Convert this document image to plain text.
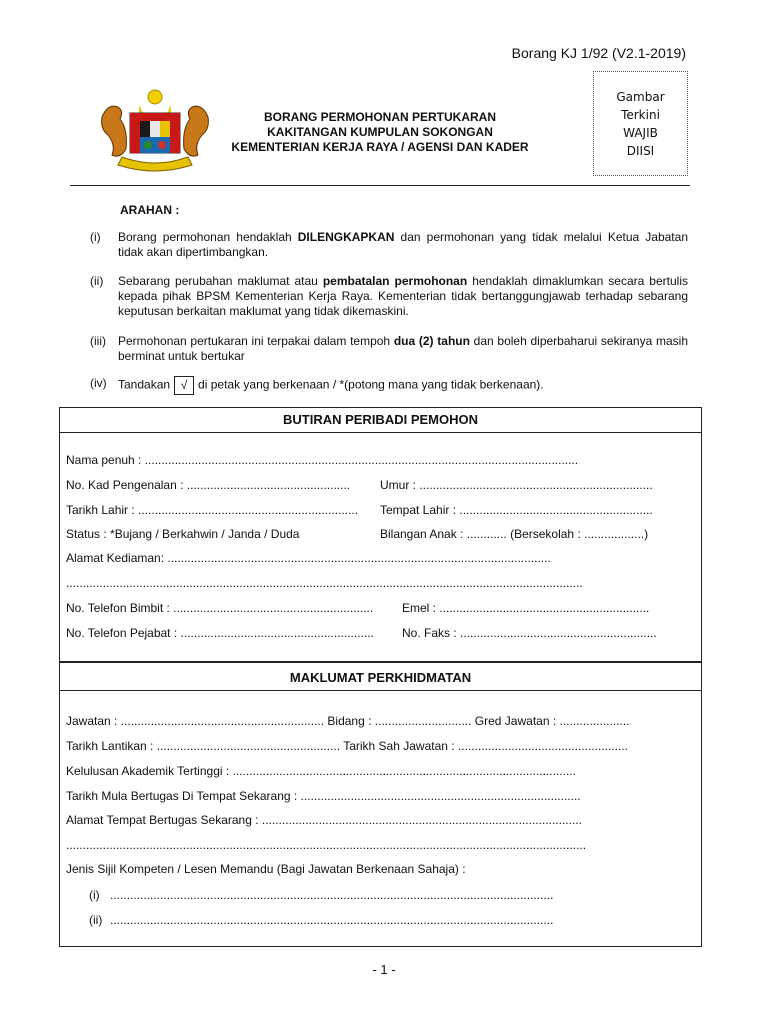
Borang KJ 1/92 (V2.1-2019)
Gambar
Terkini
WAJIB
DIISI
BORANG PERMOHONAN PERTUKARAN
KAKITANGAN KUMPULAN SOKONGAN
KEMENTERIAN KERJA RAYA / AGENSI DAN KADER
ARAHAN :
(i)	Borang permohonan hendaklah DILENGKAPKAN dan permohonan yang tidak melalui Ketua Jabatan tidak akan dipertimbangkan.
(ii)	Sebarang perubahan maklumat atau pembatalan permohonan hendaklah dimaklumkan secara bertulis kepada pihak BPSM Kementerian Kerja Raya. Kementerian tidak bertanggungjawab terhadap sebarang keputusan berkaitan maklumat yang tidak dikemaskini.
(iii)	Permohonan pertukaran ini terpakai dalam tempoh dua (2) tahun dan boleh diperbaharui sekiranya masih berminat untuk bertukar
(iv) Tandakan √ di petak yang berkenaan / *(potong mana yang tidak berkenaan).
BUTIRAN PERIBADI PEMOHON
Nama penuh : ..................................................................................................................................
No. Kad Pengenalan : ................................................. Umur : ......................................................................
Tarikh Lahir : .................................................................. Tempat Lahir : ..........................................................
Status : *Bujang / Berkahwin / Janda / Duda	Bilangan Anak : ............ (Bersekolah : ..................)
Alamat Kediaman: ...................................................................................................................
...........................................................................................................................................................
No. Telefon Bimbit : ............................................................ Emel : ...............................................................
No. Telefon Pejabat : .......................................................... No. Faks : ...........................................................
MAKLUMAT PERKHIDMATAN
Jawatan : ............................................................. Bidang : ............................. Gred Jawatan : .....................
Tarikh Lantikan : ....................................................... Tarikh Sah Jawatan : ...................................................
Kelulusan Akademik Tertinggi : .......................................................................................................
Tarikh Mula Bertugas Di Tempat Sekarang : ....................................................................................
Alamat Tempat Bertugas Sekarang : ................................................................................................
............................................................................................................................................................
Jenis Sijil Kompeten / Lesen Memandu (Bagi Jawatan Berkenaan Sahaja) :
(i) .....................................................................................................................................
(ii) .....................................................................................................................................
- 1 -
